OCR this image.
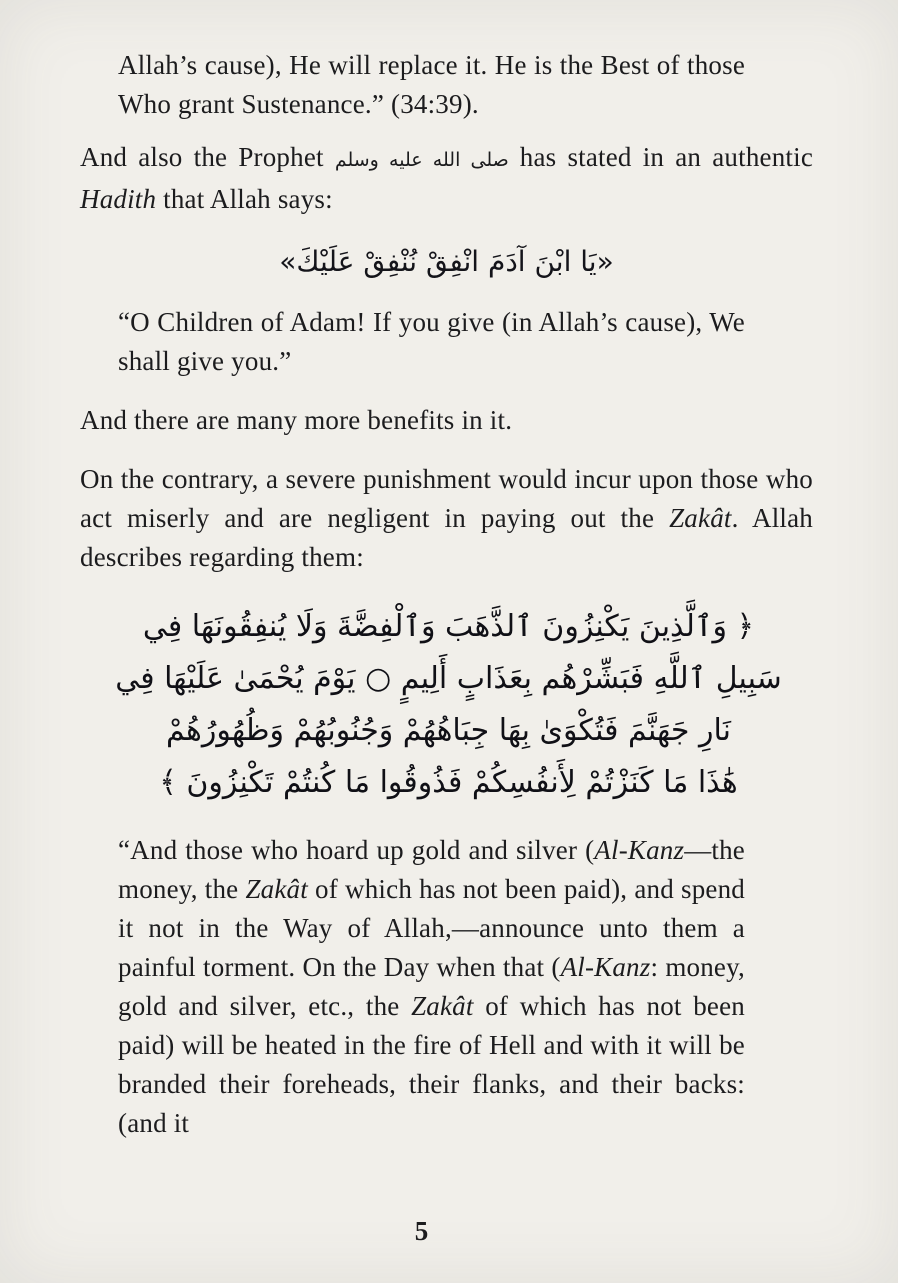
Allah’s cause), He will replace it. He is the Best of those Who grant Sustenance.” (34:39).

And also the Prophet صلى الله عليه وسلم has stated in an authentic Hadith that Allah says:

«يَا ابْنَ آدَمَ انْفِقْ نُنْفِقْ عَلَيْكَ»

“O Children of Adam! If you give (in Allah’s cause), We shall give you.”

And there are many more benefits in it.

On the contrary, a severe punishment would incur upon those who act miserly and are negligent in paying out the Zakât. Allah describes regarding them:

﴿ وَٱلَّذِينَ يَكْنِزُونَ ٱلذَّهَبَ وَٱلْفِضَّةَ وَلَا يُنفِقُونَهَا فِي
سَبِيلِ ٱللَّهِ فَبَشِّرْهُم بِعَذَابٍ أَلِيمٍ ○ يَوْمَ يُحْمَىٰ عَلَيْهَا فِي
نَارِ جَهَنَّمَ فَتُكْوَىٰ بِهَا جِبَاهُهُمْ وَجُنُوبُهُمْ وَظُهُورُهُمْ
هَٰذَا مَا كَنَزْتُمْ لِأَنفُسِكُمْ فَذُوقُوا مَا كُنتُمْ تَكْنِزُونَ ﴾

“And those who hoard up gold and silver (Al-Kanz—the money, the Zakât of which has not been paid), and spend it not in the Way of Allah,—announce unto them a painful torment. On the Day when that (Al-Kanz: money, gold and silver, etc., the Zakât of which has not been paid) will be heated in the fire of Hell and with it will be branded their foreheads, their flanks, and their backs: (and it

5
